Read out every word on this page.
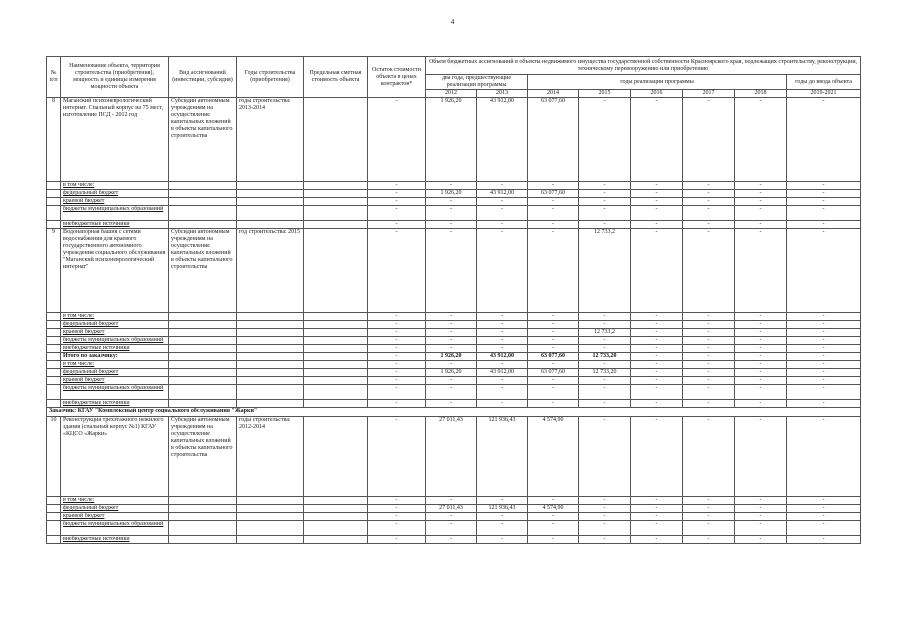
4
№ п/п	Наименование объекта, территория строительства (приобретения), мощность и единицы измерения мощности объекта	Вид ассигнований (инвестиции, субсидия)	Годы строительства (приобретения)	Предельная сметная стоимость объекта	Остаток стоимости объекта в ценах контрактов*	Объем бюджетных ассигнований в объекты недвижимого имущества государственной собственности Красноярского края, подлежащих строительству, реконструкции, техническому перевооружению или приобретению							
						два года, предшествующие реализации программы		годы реализации программы					годы до ввода объекта
						2012	2013	2014	2015	2016	2017	2018	2019-2021
8	Маганский психоневрологический интернат. Спальный корпус на 75 мест, изготовление ПСД - 2012 год	Субсидии автономным учреждениям на осуществление капитальных вложений в объекты капитального строительства	годы строительства: 2013-2014		-	1 926,20	43 912,00	63 077,60	-	-	-	-	-
	в том числе:				-	-	-	-	-	-	-	-	-
	федеральный бюджет				-	1 926,20	43 912,00	63 077,60	-	-	-	-	-
	краевой бюджет				-	-	-	-	-	-	-	-	-
	бюджеты муниципальных образований				-	-	-	-	-	-	-	-	-
	внебюджетные источники				-	-	-	-	-	-	-	-	-
9	Водонапорная башня с сетями водоснабжения для краевого государственного автономного учреждения социального обслуживания "Маганский психоневрологический интернат"	Субсидии автономным учреждениям на осуществление капитальных вложений в объекты капитального строительства	год строительства: 2015		-	-	-	-	12 733,2	-	-	-	-
	в том числе:				-	-	-	-	-	-	-	-	-
	федеральный бюджет				-	-	-	-	-	-	-	-	-
	краевой бюджет				-	-	-	-	12 733,2	-	-	-	-
	бюджеты муниципальных образований				-	-	-	-	-	-	-	-	-
	внебюджетные источники				-	-	-	-	-	-	-	-	-
	Итого по заказчику:				-	1 926,20	43 912,00	63 077,60	12 733,20	-	-	-	-
	в том числе:				-	-	-	-	-	-	-	-	-
	федеральный бюджет				-	1 926,20	43 912,00	63 077,60	12 733,20	-	-	-	-
	краевой бюджет				-	-	-	-	-	-	-	-	-
	бюджеты муниципальных образований				-	-	-	-	-	-	-	-	-
	внебюджетные источники				-	-	-	-	-	-	-	-	-
Заказчик: КГАУ "Комплексный центр социального обслуживания "Жарки"													
10	Реконструкция трехэтажного нежилого здания (спальный корпус №1) КГАУ «КЦСО «Жарки»	Субсидии автономным учреждениям на осуществление капитальных вложений в объекты капитального строительства	годы строительства: 2012-2014		-	27 011,43	121 936,43	4 574,90	-	-	-	-	-
	в том числе:				-	-	-	-	-	-	-	-	-
	федеральный бюджет				-	27 011,43	121 936,43	4 574,90	-	-	-	-	-
	краевой бюджет				-	-	-	-	-	-	-	-	-
	бюджеты муниципальных образований				-	-	-	-	-	-	-	-	-
	внебюджетные источники				-	-	-	-	-	-	-	-	-
